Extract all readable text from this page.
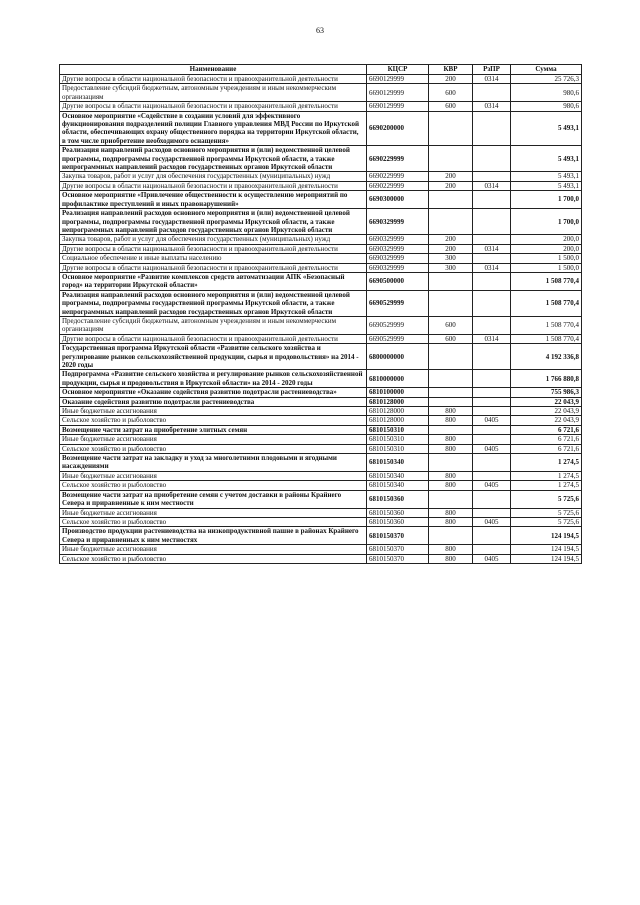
63
Наименование	КЦСР	КВР	РзПР	Сумма
Другие вопросы в области национальной безопасности и правоохранительной деятельности	6690129999	200	0314	25 726,3
Предоставление субсидий бюджетным, автономным учреждениям и иным некоммерческим организациям	6690129999	600		980,6
Другие вопросы в области национальной безопасности и правоохранительной деятельности	6690129999	600	0314	980,6
Основное мероприятие «Содействие в создании условий для эффективного функционирования подразделений полиции Главного управления МВД России по Иркутской области, обеспечивающих охрану общественного порядка на территории Иркутской области, в том числе приобретение необходимого оснащения»	6690200000			5 493,1
Реализация направлений расходов основного мероприятия и (или) ведомственной целевой программы, подпрограммы государственной программы Иркутской области, а также непрограммных направлений расходов государственных органов Иркутской области	6690229999			5 493,1
Закупка товаров, работ и услуг для обеспечения государственных (муниципальных) нужд	6690229999	200		5 493,1
Другие вопросы в области национальной безопасности и правоохранительной деятельности	6690229999	200	0314	5 493,1
Основное мероприятие «Привлечение общественности к осуществлению мероприятий по профилактике преступлений и иных правонарушений»	6690300000			1 700,0
Реализация направлений расходов основного мероприятия и (или) ведомственной целевой программы, подпрограммы государственной программы Иркутской области, а также непрограммных направлений расходов государственных органов Иркутской области	6690329999			1 700,0
Закупка товаров, работ и услуг для обеспечения государственных (муниципальных) нужд	6690329999	200		200,0
Другие вопросы в области национальной безопасности и правоохранительной деятельности	6690329999	200	0314	200,0
Социальное обеспечение и иные выплаты населению	6690329999	300		1 500,0
Другие вопросы в области национальной безопасности и правоохранительной деятельности	6690329999	300	0314	1 500,0
Основное мероприятие «Развитие комплексов средств автоматизации АПК «Безопасный город» на территории Иркутской области»	6690500000			1 508 770,4
Реализация направлений расходов основного мероприятия и (или) ведомственной целевой программы, подпрограммы государственной программы Иркутской области, а также непрограммных направлений расходов государственных органов Иркутской области	6690529999			1 508 770,4
Предоставление субсидий бюджетным, автономным учреждениям и иным некоммерческим организациям	6690529999	600		1 508 770,4
Другие вопросы в области национальной безопасности и правоохранительной деятельности	6690529999	600	0314	1 508 770,4
Государственная программа Иркутской области «Развитие сельского хозяйства и регулирование рынков сельскохозяйственной продукции, сырья и продовольствия» на 2014 - 2020 годы	6800000000			4 192 336,8
Подпрограмма «Развитие сельского хозяйства и регулирование рынков сельскохозяйственной продукции, сырья и продовольствия в Иркутской области» на 2014 - 2020 годы	6810000000			1 766 880,8
Основное мероприятие «Оказание содействия развитию подотрасли растениеводства»	6810100000			755 986,3
Оказание содействия развитию подотрасли растениеводства	6810128000			22 043,9
Иные бюджетные ассигнования	6810128000	800		22 043,9
Сельское хозяйство и рыболовство	6810128000	800	0405	22 043,9
Возмещение части затрат на приобретение элитных семян	6810150310			6 721,6
Иные бюджетные ассигнования	6810150310	800		6 721,6
Сельское хозяйство и рыболовство	6810150310	800	0405	6 721,6
Возмещение части затрат на закладку и уход за многолетними плодовыми и ягодными насаждениями	6810150340			1 274,5
Иные бюджетные ассигнования	6810150340	800		1 274,5
Сельское хозяйство и рыболовство	6810150340	800	0405	1 274,5
Возмещение части затрат на приобретение семян с учетом доставки в районы Крайнего Севера и приравненные к ним местности	6810150360			5 725,6
Иные бюджетные ассигнования	6810150360	800		5 725,6
Сельское хозяйство и рыболовство	6810150360	800	0405	5 725,6
Производство продукции растениеводства на низкопродуктивной пашне в районах Крайнего Севера и приравненных к ним местностях	6810150370			124 194,5
Иные бюджетные ассигнования	6810150370	800		124 194,5
Сельское хозяйство и рыболовство	6810150370	800	0405	124 194,5
